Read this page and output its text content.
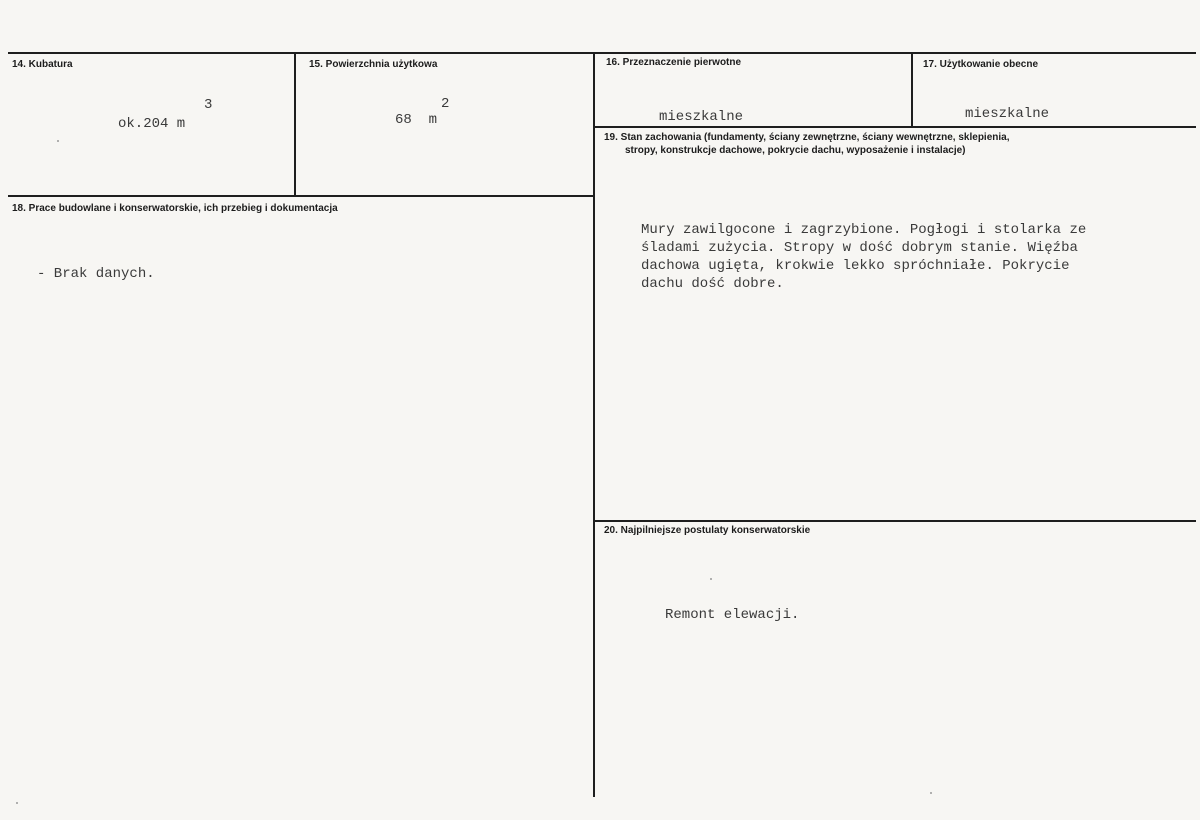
14. Kubatura
3
ok.204 m
15. Powierzchnia użytkowa
2
68  m
16. Przeznaczenie pierwotne
mieszkalne
17. Użytkowanie obecne
mieszkalne
18. Prace budowlane i konserwatorskie, ich przebieg i dokumentacja
- Brak danych.
19. Stan zachowania (fundamenty, ściany zewnętrzne, ściany wewnętrzne, sklepienia,
stropy, konstrukcje dachowe, pokrycie dachu, wyposażenie i instalacje)
Mury zawilgocone i zagrzybione. Pogłogi i stolarka ze
śladami zużycia. Stropy w dość dobrym stanie. Więźba
dachowa ugięta, krokwie lekko spróchniałe. Pokrycie
dachu dość dobre.
20. Najpilniejsze postulaty konserwatorskie
Remont elewacji.
